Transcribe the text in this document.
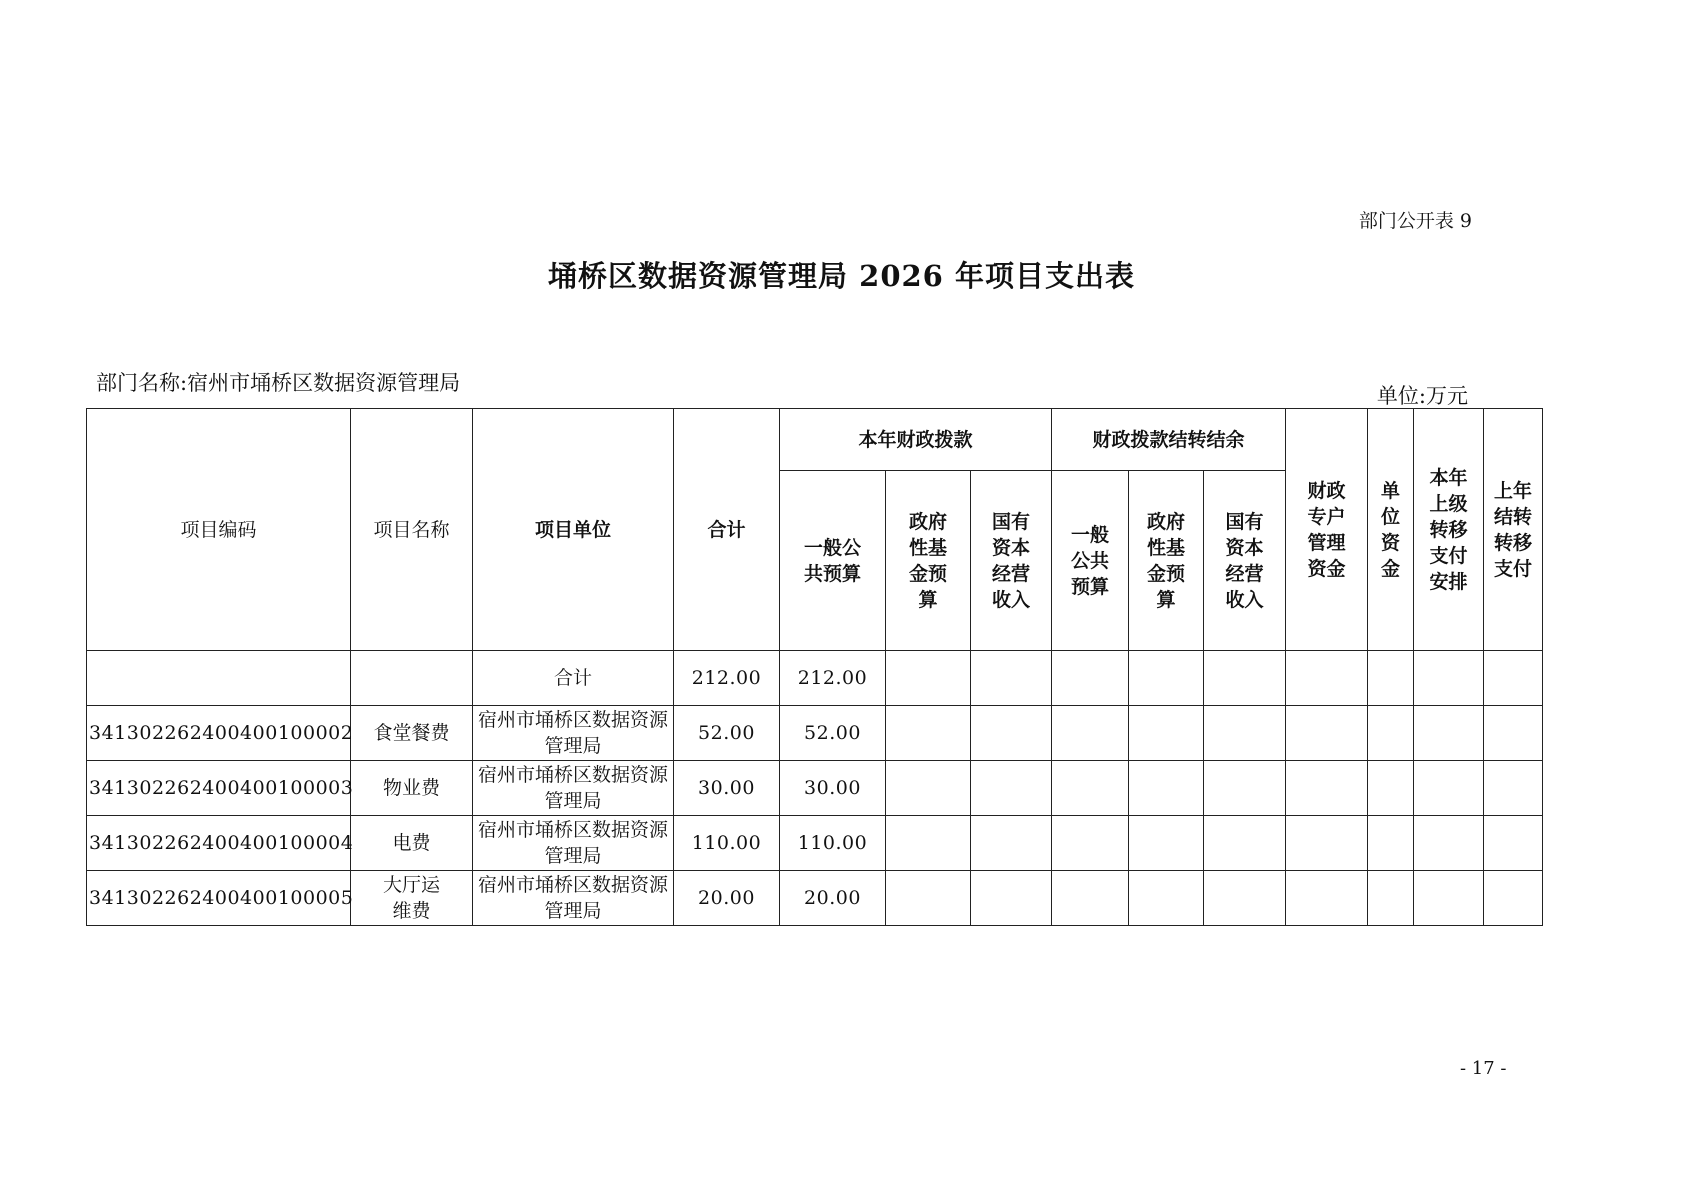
部门公开表 9
埇桥区数据资源管理局 2026 年项目支出表
部门名称:宿州市埇桥区数据资源管理局
单位:万元
项目编码	项目名称	项目单位	合计	本年财政拨款			财政拨款结转结余			财政专户管理资金	单位资金	本年上级转移支付安排	上年结转转移支付

				一般公共预算	政府性基金预算	国有资本经营收入	一般公共预算	政府性基金预算	国有资本经营收入				

		合计	212.00	212.00									
341302262400400100002	食堂餐费	宿州市埇桥区数据资源管理局	52.00	52.00									
341302262400400100003	物业费	宿州市埇桥区数据资源管理局	30.00	30.00									
341302262400400100004	电费	宿州市埇桥区数据资源管理局	110.00	110.00									
341302262400400100005	大厅运维费	宿州市埇桥区数据资源管理局	20.00	20.00									
- 17 -
